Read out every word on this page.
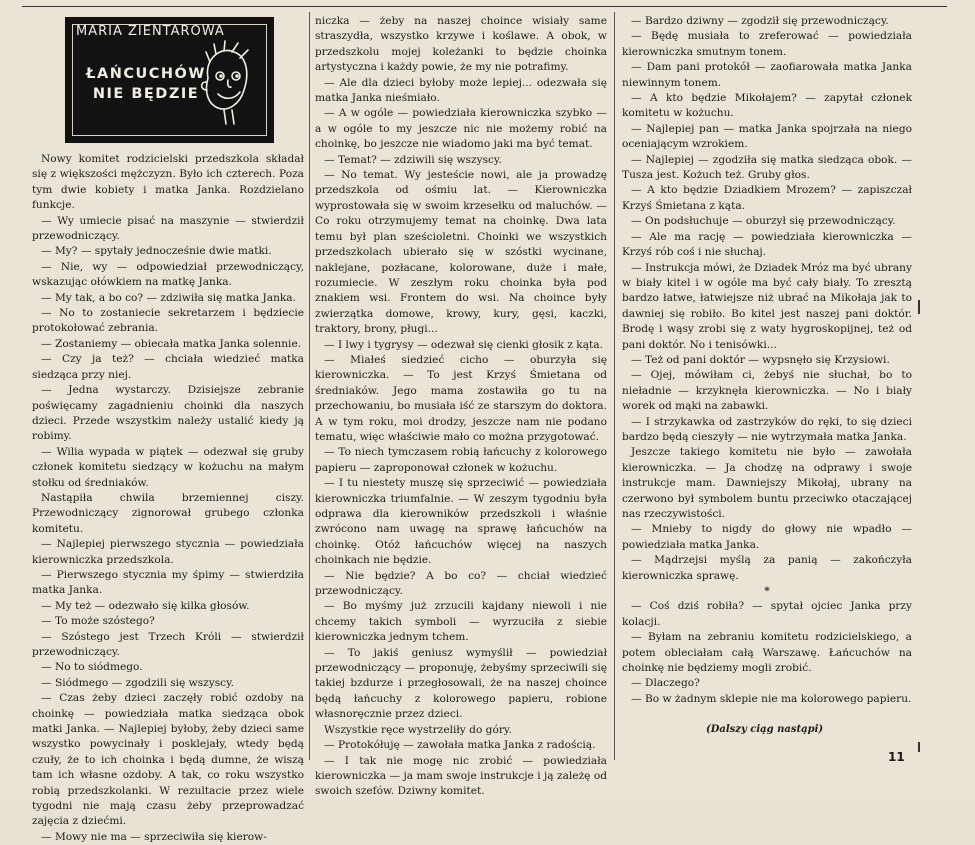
MARIA ZIENTAROWA
ŁAŃCUCHÓW
NIE BĘDZIE

Nowy komitet rodzicielski przedszkola składał się z większości mężczyzn. Było ich czterech. Poza tym dwie kobiety i matka Janka. Rozdzielano funkcje.

— Wy umiecie pisać na maszynie — stwierdził przewodniczący.

— My? — spytały jednocześnie dwie matki.

— Nie, wy — odpowiedział przewodniczący, wskazując ołówkiem na matkę Janka.

— My tak, a bo co? — zdziwiła się matka Janka.

— No to zostaniecie sekretarzem i będziecie protokołować zebrania.

— Zostaniemy — obiecała matka Janka solennie.

— Czy ja też? — chciała wiedzieć matka siedząca przy niej.

— Jedna wystarczy. Dzisiejsze zebranie poświęcamy zagadnieniu choinki dla naszych dzieci. Przede wszystkim należy ustalić kiedy ją robimy.

— Wilia wypada w piątek — odezwał się gruby członek komitetu siedzący w kożuchu na małym stołku od średniaków.

Nastąpiła chwila brzemiennej ciszy. Przewodniczący zignorował grubego członka komitetu.

— Najlepiej pierwszego stycznia — powiedziała kierowniczka przedszkola.

— Pierwszego stycznia my śpimy — stwierdziła matka Janka.

— My też — odezwało się kilka głosów.

— To może szóstego?

— Szóstego jest Trzech Króli — stwierdził przewodniczący.

— No to siódmego.

— Siódmego — zgodzili się wszyscy.

— Czas żeby dzieci zaczęły robić ozdoby na choinkę — powiedziała matka siedząca obok matki Janka. — Najlepiej byłoby, żeby dzieci same wszystko powycinały i posklejały, wtedy będą czuły, że to ich choinka i będą dumne, że wiszą tam ich własne ozdoby. A tak, co roku wszystko robią przedszkolanki. W rezultacie przez wiele tygodni nie mają czasu żeby przeprowadzać zajęcia z dziećmi.

— Mowy nie ma — sprzeciwiła się kierow-

niczka — żeby na naszej choince wisiały same straszydła, wszystko krzywe i koślawe. A obok, w przedszkolu mojej koleżanki to będzie choinka artystyczna i każdy powie, że my nie potrafimy.

— Ale dla dzieci byłoby może lepiej... odezwała się matka Janka nieśmiało.

— A w ogóle — powiedziała kierowniczka szybko — a w ogóle to my jeszcze nic nie możemy robić na choinkę, bo jeszcze nie wiadomo jaki ma być temat.

— Temat? — zdziwili się wszyscy.

— No temat. Wy jesteście nowi, ale ja prowadzę przedszkola od ośmiu lat. — Kierowniczka wyprostowała się w swoim krzesełku od maluchów. — Co roku otrzymujemy temat na choinkę. Dwa lata temu był plan sześcioletni. Choinki we wszystkich przedszkolach ubierało się w szóstki wycinane, naklejane, pozłacane, kolorowane, duże i małe, rozumiecie. W zeszłym roku choinka była pod znakiem wsi. Frontem do wsi. Na choince były zwierzątka domowe, krowy, kury, gęsi, kaczki, traktory, brony, pługi...

— I lwy i tygrysy — odezwał się cienki głosik z kąta.

— Miałeś siedzieć cicho — oburzyła się kierowniczka. — To jest Krzyś Śmietana od średniaków. Jego mama zostawiła go tu na przechowaniu, bo musiała iść ze starszym do doktora. A w tym roku, moi drodzy, jeszcze nam nie podano tematu, więc właściwie mało co można przygotować.

— To niech tymczasem robią łańcuchy z kolorowego papieru — zaproponował członek w kożuchu.

— I tu niestety muszę się sprzeciwić — powiedziała kierowniczka triumfalnie. — W zeszym tygodniu była odprawa dla kierowników przedszkoli i właśnie zwrócono nam uwagę na sprawę łańcuchów na choinkę. Otóż łańcuchów więcej na naszych choinkach nie będzie.

— Nie będzie? A bo co? — chciał wiedzieć przewodniczący.

— Bo myśmy już zrzucili kajdany niewoli i nie chcemy takich symboli — wyrzuciła z siebie kierowniczka jednym tchem.

— To jakiś geniusz wymyślił — powiedział przewodniczący — proponuję, żebyśmy sprzeciwili się takiej bzdurze i przegłosowali, że na naszej choince będą łańcuchy z kolorowego papieru, robione własnoręcznie przez dzieci.

Wszystkie ręce wystrzeliły do góry.

— Protokółuję — zawołała matka Janka z radością.

— I tak nie mogę nic zrobić — powiedziała kierowniczka — ja mam swoje instrukcje i ją zależę od swoich szefów. Dziwny komitet.

— Bardzo dziwny — zgodził się przewodniczący.

— Będę musiała to zreferować — powiedziała kierowniczka smutnym tonem.

— Dam pani protokół — zaofiarowała matka Janka niewinnym tonem.

— A kto będzie Mikołajem? — zapytał członek komitetu w kożuchu.

— Najlepiej pan — matka Janka spojrzała na niego oceniającym wzrokiem.

— Najlepiej — zgodziła się matka siedząca obok. — Tusza jest. Kożuch też. Gruby głos.

— A kto będzie Dziadkiem Mrozem? — zapiszczał Krzyś Śmietana z kąta.

— On podsłuchuje — oburzył się przewodniczący.

— Ale ma rację — powiedziała kierowniczka — Krzyś rób coś i nie słuchaj.

— Instrukcja mówi, że Dziadek Mróz ma być ubrany w biały kitel i w ogóle ma być cały biały. To zresztą bardzo łatwe, łatwiejsze niż ubrać na Mikołaja jak to dawniej się robiło. Bo kitel jest naszej pani doktór. Brodę i wąsy zrobi się z waty hygroskopijnej, też od pani doktór. No i tenisówki...

— Też od pani doktór — wypsnęło się Krzysiowi.

— Ojej, mówiłam ci, żebyś nie słuchał, bo to nieładnie — krzyknęła kierowniczka. — No i biały worek od mąki na zabawki.

— I strzykawka od zastrzyków do ręki, to się dzieci bardzo będą cieszyły — nie wytrzymała matka Janka.

Jeszcze takiego komitetu nie było — zawołała kierowniczka. — Ja chodzę na odprawy i swoje instrukcje mam. Dawniejszy Mikołaj, ubrany na czerwono był symbolem buntu przeciwko otaczającej nas rzeczywistości.

— Mnieby to nigdy do głowy nie wpadło — powiedziała matka Janka.

— Mądrzejsi myślą za panią — zakończyła kierowniczka sprawę.

*

— Coś dziś robiła? — spytał ojciec Janka przy kolacji.

— Byłam na zebraniu komitetu rodzicielskiego, a potem obleciałam całą Warszawę. Łańcuchów na choinkę nie będziemy mogli zrobić.

— Dlaczego?

— Bo w żadnym sklepie nie ma kolorowego papieru.

(Dalszy ciąg nastąpi)
11
